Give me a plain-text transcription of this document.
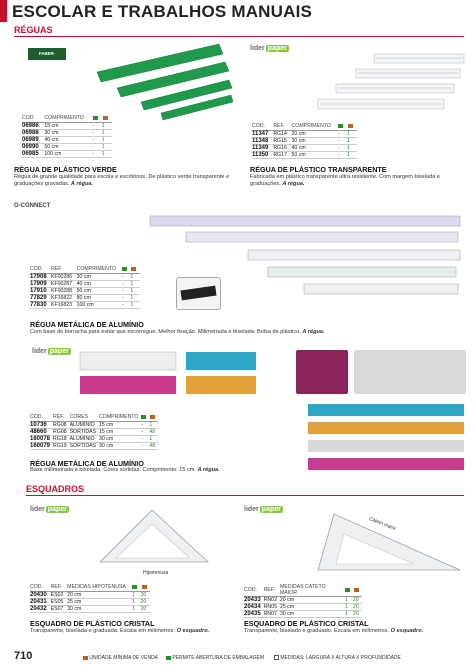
ESCOLAR E TRABALHOS MANUAIS
RÉGUAS
FABER-CASTELL
COD.	COMPRIMENTO		
06986	15 cm	-	1
06988	30 cm	-	1
06989	40 cm	-	1
06990	50 cm	-	1
06985	100 cm	-	1
RÉGUA DE PLÁSTICO VERDE
Régua de grande qualidade para escola e escritórios. De plástico verde transparente e graduações gravadas. A régua.
lider paper
COD.	REF.	COMPRIMENTO		
11347	RG14	20 cm	-	1
11348	RG15	30 cm	-	1
11349	RG16	40 cm	-	1
11350	RG17	50 cm	-	1
RÉGUA DE PLÁSTICO TRANSPARENTE
Fabricada em plástico transparente ultra resistente. Com margem biselada e graduações. A régua.
O-CONNECT
COD.	REF.	COMPRIMENTO		
17908	KF00286	30 cm	-	1
17909	KF00287	40 cm	-	1
17910	KF00288	50 cm	-	1
77829	KF16822	80 cm	-	1
77830	KF16823	100 cm	-	1
RÉGUA METÁLICA DE ALUMÍNIO
Com base de borracha para evitar que escorregue. Melhor fixação. Milimetrada e biselada. Bolsa de plástico. A régua.
lider paper
COD.	REF.	CORES	COMPRIMENTO		
10736	RG08	ALUMÍNIO	15 cm	-	1
48660	RG08	SORTIDAS	15 cm	-	48
160078	RG18	ALUMÍNIO	30 cm	-	1
160079	RG19	SORTIDAS	30 cm	-	48
RÉGUA METÁLICA DE ALUMÍNIO
Base milimetrada e biselada. Cores sortidas. Comprimento: 15 cm. A régua.
ESQUADROS
lider paper
Hipotenusa
COD.	REF.	MEDIDAS HIPOTENUSA		
20430	ES02	20 cm	1	20
20431	ES05	25 cm	1	20
20432	ES07	30 cm	1	20
ESQUADRO DE PLÁSTICO CRISTAL
Transparente, biselada e graduada. Escala em milímetros. O esquadro.
lider paper
Cateto maior
COD.	REF.	MEDIDAS CATETO MAIOR		
20433	RN02	20 cm	1	20
20434	RN05	25 cm	1	20
20435	RN07	30 cm	1	20
ESQUADRO DE PLÁSTICO CRISTAL
Transparente, biselado e graduado. Escala em milímetros. O esquadro.
710	UNIDADE MÍNIMA DE VENDA	PERMITE ABERTURA DE EMBALAGEM	MEDIDAS: LARGURA X ALTURA X PROFUNDIDADE
